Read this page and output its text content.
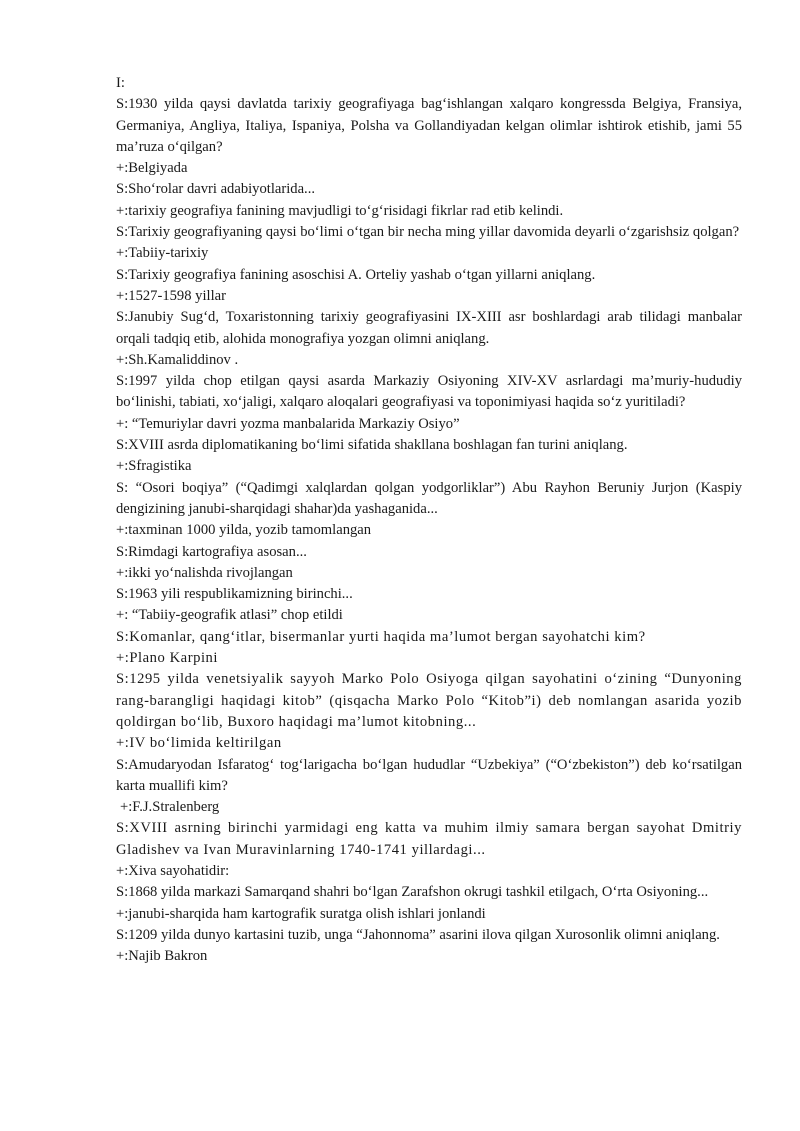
I:

S:1930 yilda qaysi davlatda tarixiy geografiyaga bag‘ishlangan xalqaro kongressda Belgiya, Fransiya, Germaniya, Angliya, Italiya, Ispaniya, Polsha va Gollandiyadan kelgan olimlar ishtirok etishib, jami 55 ma’ruza o‘qilgan?

+:Belgiyada

S:Sho‘rolar davri adabiyotlarida...

+:tarixiy geografiya fanining mavjudligi to‘g‘risidagi fikrlar rad etib kelindi.

S:Tarixiy geografiyaning qaysi bo‘limi o‘tgan bir necha ming yillar davomida deyarli o‘zgarishsiz qolgan?

+:Tabiiy-tarixiy

S:Tarixiy geografiya fanining asoschisi A. Orteliy yashab o‘tgan yillarni aniqlang.

+:1527-1598 yillar

S:Janubiy Sug‘d, Toxaristonning tarixiy geografiyasini IX-XIII asr boshlardagi arab tilidagi manbalar orqali tadqiq etib, alohida monografiya yozgan olimni aniqlang.

+:Sh.Kamaliddinov .

S:1997 yilda chop etilgan qaysi asarda Markaziy Osiyoning XIV-XV asrlardagi ma’muriy-hududiy bo‘linishi, tabiati, xo‘jaligi, xalqaro aloqalari geografiyasi va toponimiyasi haqida so‘z yuritiladi?

+: “Temuriylar davri yozma manbalarida Markaziy Osiyo”

S:XVIII asrda diplomatikaning bo‘limi sifatida shakllana boshlagan fan turini aniqlang.

+:Sfragistika

S: “Osori boqiya” (“Qadimgi xalqlardan qolgan yodgorliklar”) Abu Rayhon Beruniy Jurjon (Kaspiy dengizining janubi-sharqidagi shahar)da yashaganida...

+:taxminan 1000 yilda, yozib tamomlangan

S:Rimdagi kartografiya asosan...

+:ikki yo‘nalishda rivojlangan

S:1963 yili respublikamizning birinchi...

+: “Tabiiy-geografik atlasi” chop etildi

S:Komanlar, qang‘itlar, bisermanlar yurti haqida ma’lumot bergan sayohatchi kim?

+:Plano Karpini

S:1295 yilda venetsiyalik sayyoh Marko Polo Osiyoga qilgan sayohatini o‘zining “Dunyoning rang-barangligi haqidagi kitob” (qisqacha Marko Polo “Kitob”i) deb nomlangan asarida yozib qoldirgan bo‘lib, Buxoro haqidagi ma’lumot kitobning...

+:IV bo‘limida keltirilgan

S:Amudaryodan Isfaratog‘ tog‘larigacha bo‘lgan hududlar “Uzbekiya” (“O‘zbekiston”) deb ko‘rsatilgan karta muallifi kim?

+:F.J.Stralenberg

S:XVIII asrning birinchi yarmidagi eng katta va muhim ilmiy samara bergan sayohat Dmitriy Gladishev va Ivan Muravinlarning 1740-1741 yillardagi...

+:Xiva sayohatidir:

S:1868 yilda markazi Samarqand shahri bo‘lgan Zarafshon okrugi tashkil etilgach, O‘rta Osiyoning...

+:janubi-sharqida ham kartografik suratga olish ishlari jonlandi

S:1209 yilda dunyo kartasini tuzib, unga “Jahonnoma” asarini ilova qilgan Xurosonlik olimni aniqlang.

+:Najib Bakron
